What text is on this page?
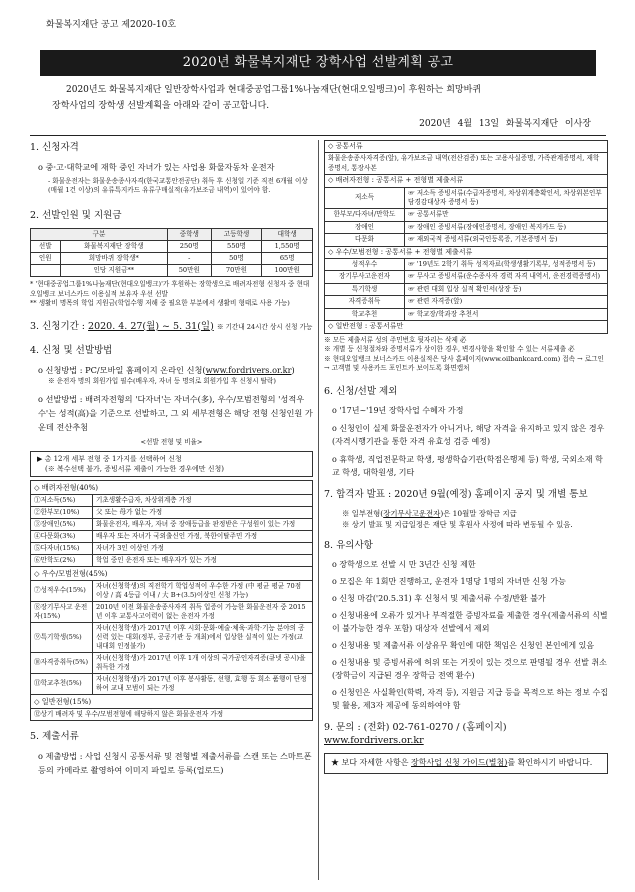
화물복지재단 공고 제2020-10호
2020년 화물복지재단 장학사업 선발계획 공고
2020년도 화물복지재단 일반장학사업과 현대중공업그룹1%나눔재단(현대오일뱅크)이 후원하는 희망바퀴
장학사업의 장학생 선발계획을 아래와 같이 공고합니다.
2020년 4월 13일 화물복지재단 이사장
1. 신청자격
o 중·고·대학교에 재학 중인 자녀가 있는 사업용 화물자동차 운전자
- 화물운전자는 화물운송종사자격(한국교통안전공단) 취득 후 신청일 기준 직전 6개월 이상(매월 1건 이상)의 유류특지카드 유류구매실적(유가보조금 내역)이 있어야 함.
2. 선발인원 및 지원금
구분		중학생	고등학생	대학생
선발	화물복지재단 장학생	250명	550명	1,550명
인원	희망바퀴 장학생*	-	50명	65명
	인당 지원금**	50만원	70만원	100만원
* '현대중공업그룹1%나눔재단(현대오일뱅크)'가 후원하는 장학생으로 배려자전형 신청자 중 현대오일뱅크 보너스카드 이용실적 보유자 우선 선발
** 생활비 명목의 학업 지원금(학업수행 저해 중 필요한 부분에서 생활비 형태로 사용 가능)
3. 신청기간 : 2020. 4. 27(월) ~ 5. 31(일) ※ 기간내 24시간 상시 신청 가능
4. 신청 및 선발방법
o 신청방법 : PC/모바일 홈페이지 온라인 신청(www.fordrivers.or.kr)
※ 운전자 명의 회원가입 필수(배우자, 자녀 등 명의로 회원가입 후 신청시 탈락)
o 선발방법 : 배려자전형의 '다자녀'는 자녀수(多), 우수/모범전형의 '성적우수'는 성적(高)을 기준으로 선발하고, 그 외 세부전형은 해당 전형 신청인원 가운데 전산추첨
<선발 전형 및 비율>
▶ 총 12개 세부 전형 중 1가지를 선택하여 신청
(※ 복수선택 불가, 증빙서류 제출이 가능한 경우에만 신청)
◇ 배려자전형(40%)	
①저소득(5%)	기초생활수급자, 차상위계층 가정
②한부모(10%)	父 또는 母가 없는 가정
③장애인(5%)	화물운전자, 배우자, 자녀 중 장애등급을 판정받은 구성원이 있는 가정
④다문화(3%)	배우자 또는 자녀가 국외출신인 가정, 북한이탈주민 가정
⑤다자녀(15%)	자녀가 3인 이상인 가정
⑥만학도(2%)	학업 중인 운전자 또는 배우자가 있는 가정
◇ 우수/모범전형(45%)	
⑦성적우수(15%)	자녀(신청학생)의 직전학기 학업성적이 우수한 가정 (中 평균 평균 70점 이상 / 高 4등급 이내 / 大 B+(3.5)이상인 신청 가능)
⑧장기무사고 운전자(15%)	2010년 이전 화물운송종사자격 취득 입증이 가능한 화물운전자 중 2015년 이후 교통사고이력이 없는 운전자 가정
⑨특기학생(5%)	자녀(신청학생)가 2017년 이후 시회·문화·예술·체육·과학·기능 분야의 공신력 있는 대회(정부, 공공기관 등 개최)에서 입상한 실적이 있는 가정(교내대회 인정불가)
⑩자격증취득(5%)	자녀(신청학생)가 2017년 이후 1개 이상의 국가공인자격증(큐넷 공시)을 취득한 가정
⑪학교추천(5%)	자녀(신청학생)가 2017년 이후 봉사활동, 선행, 효행 등 희소 품행이 단정하여 교내 모범이 되는 가정
◇ 일반전형(15%)	
⑫상기 배려자 및 우수/모범전형에 해당하지 않은 화물운전자 가정	
5. 제출서류
o 제출방법 : 사업 신청시 공통서류 및 전형별 제출서류를 스캔 또는 스마트폰 등의 카메라로 촬영하여 이미지 파일로 등록(업로드)
◇ 공통서류	
화물운송종사자격증(앞), 유가보조금 내역(전산검증) 또는 고용사실증명, 가족관계증명서, 재학증명서, 통장사본	
◇ 배려자전형 : 공통서류 + 전형별 제출서류	
저소득	☞ 저소득 증빙서류(수급자증명서, 차상위계층확인서, 차상위본인부담경감대상자 증명서 등)
한부모/다자녀/만학도	☞ 공통서류만
장애인	☞ 장애인 증빙서류(장애인증명서, 장애인 복지카드 등)
다문화	☞ 재외국적 증빙서류(외국인등록증, 기본증명서 등)
◇ 우수/모범전형 : 공통서류 + 전형별 제출서류	
성적우수	☞ '19년도 2학기 취득 성적자료(학생생활기록부, 성적증명서 등)
장기무사고운전자	☞ 무사고 증빙서류(운수종사자 경력 자격 내역서, 운전경력증명서)
특기학생	☞ 관련 대회 입상 실적 확인서(상장 등)
자격증취득	☞ 관련 자격증(앞)
학교추천	☞ 학교장/학과장 추천서
◇ 일반전형 : 공통서류만	
※ 모든 제출서류 성의 주민번호 뒷자리는 삭제 必
※ 개별 등 신청절차와 증명서류가 상이한 경우, 변경사항을 확인할 수 있는 서류제출 必
※ 현대오일뱅크 보너스카드 이용실적은 당사 홈페이지(www.oilbankcard.com) 접속 → 로그인 → 고객별 및 사용카드 포인트카 보이도록 화면캡처
6. 신청/선발 제외

o '17년~'19년 장학사업 수혜자 가정

o 신청인이 실제 화물운전자가 아니거나, 해당 자격을 유지하고 있지 않은 경우(자격시행기관을 통한 자격 유효성 검증 예정)

o 휴학생, 직업전문학교 학생, 평생학습기관(학점은행제 등) 학생, 국외소재 학교 학생, 대학원생, 기타

7. 합격자 발표 : 2020년 9월(예정) 홈페이지 공지 및 개별 통보
※ 일부전형(장기무사고운전자)은 10월말 장학금 지급
※ 상기 발표 및 지급일정은 재단 및 후원사 사정에 따라 변동될 수 있음.
8. 유의사항

o 장학생으로 선발 시 만 3년간 신청 제한

o 모집은 年 1회만 진행하고, 운전자 1명당 1명의 자녀만 신청 가능

o 신청 마감('20.5.31) 후 신청서 및 제출서류 수정/반환 불가

o 신청내용에 오류가 있거나 부적절한 증빙자료를 제출한 경우(제출서류의 식별이 불가능한 경우 포함) 대상자 선발에서 제외

o 신청내용 및 제출서류 이상유무 확인에 대한 책임은 신청인 본인에게 있음

o 신청내용 및 증빙서류에 허위 또는 거짓이 있는 것으로 판명될 경우 선발 취소(장학금이 지급된 경우 장학금 전액 환수)

o 신청인은 사실확인(학력, 자격 등), 지원금 지급 등을 목적으로 하는 정보 수집 및 활용, 제3자 제공에 동의하여야 함

9. 문의 : (전화) 02-761-0270 / (홈페이지) www.fordrivers.or.kr
★ 보다 자세한 사항은 장학사업 신청 가이드(별첨)를 확인하시기 바랍니다.
